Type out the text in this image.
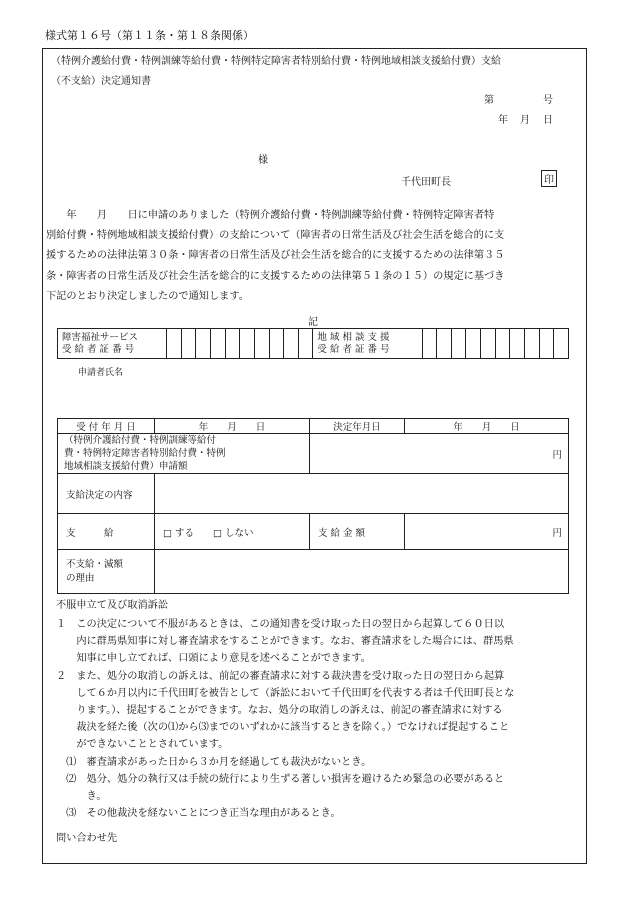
様式第１６号（第１１条・第１８条関係）
（特例介護給付費・特例訓練等給付費・特例特定障害者特別給付費・特例地域相談支援給付費）支給
（不支給）決定通知書
第	号
年 月 日
様
千代田町長	印
　　年　　月　　日に申請のありました（特例介護給付費・特例訓練等給付費・特例特定障害者特
別給付費・特例地域相談支援給付費）の支給について（障害者の日常生活及び社会生活を総合的に支
援するための法律法第３０条・障害者の日常生活及び社会生活を総合的に支援するための法律第３５
条・障害者の日常生活及び社会生活を総合的に支援するための法律第５１条の１５）の規定に基づき
下記のとおり決定しましたので通知します。
記
障害福祉サービス
受 給 者 証 番 号

地 域 相 談 支 援
受 給 者 証 番 号

申請者氏名
受 付 年 月 日	年　　月　　日	決定年月日	年　　月　　日

（特例介護給付費・特例訓練等給付
費・特例特定障害者特別給付費・特例
地域相談支援給付費）申請額		円	
支給決定の内容			
支　　　給	□ する　　□ しない	支 給 金 額	円

不支給・減額
の理由			

不服申立て及び取消訴訟
１　この決定について不服があるときは、この通知書を受け取った日の翌日から起算して６０日以
　　内に群馬県知事に対し審査請求をすることができます。なお、審査請求をした場合には、群馬県
　　知事に申し立てれば、口頭により意見を述べることができます。
２　また、処分の取消しの訴えは、前記の審査請求に対する裁決書を受け取った日の翌日から起算
　　して６か月以内に千代田町を被告として（訴訟において千代田町を代表する者は千代田町長とな
　　ります。）、提起することができます。なお、処分の取消しの訴えは、前記の審査請求に対する
　　裁決を経た後（次の⑴から⑶までのいずれかに該当するときを除く。）でなければ提起すること
　　ができないこととされています。
　⑴　審査請求があった日から３か月を経過しても裁決がないとき。
　⑵　処分、処分の執行又は手続の続行により生ずる著しい損害を避けるため緊急の必要があると
　　　き。
　⑶　その他裁決を経ないことにつき正当な理由があるとき。
問い合わせ先
